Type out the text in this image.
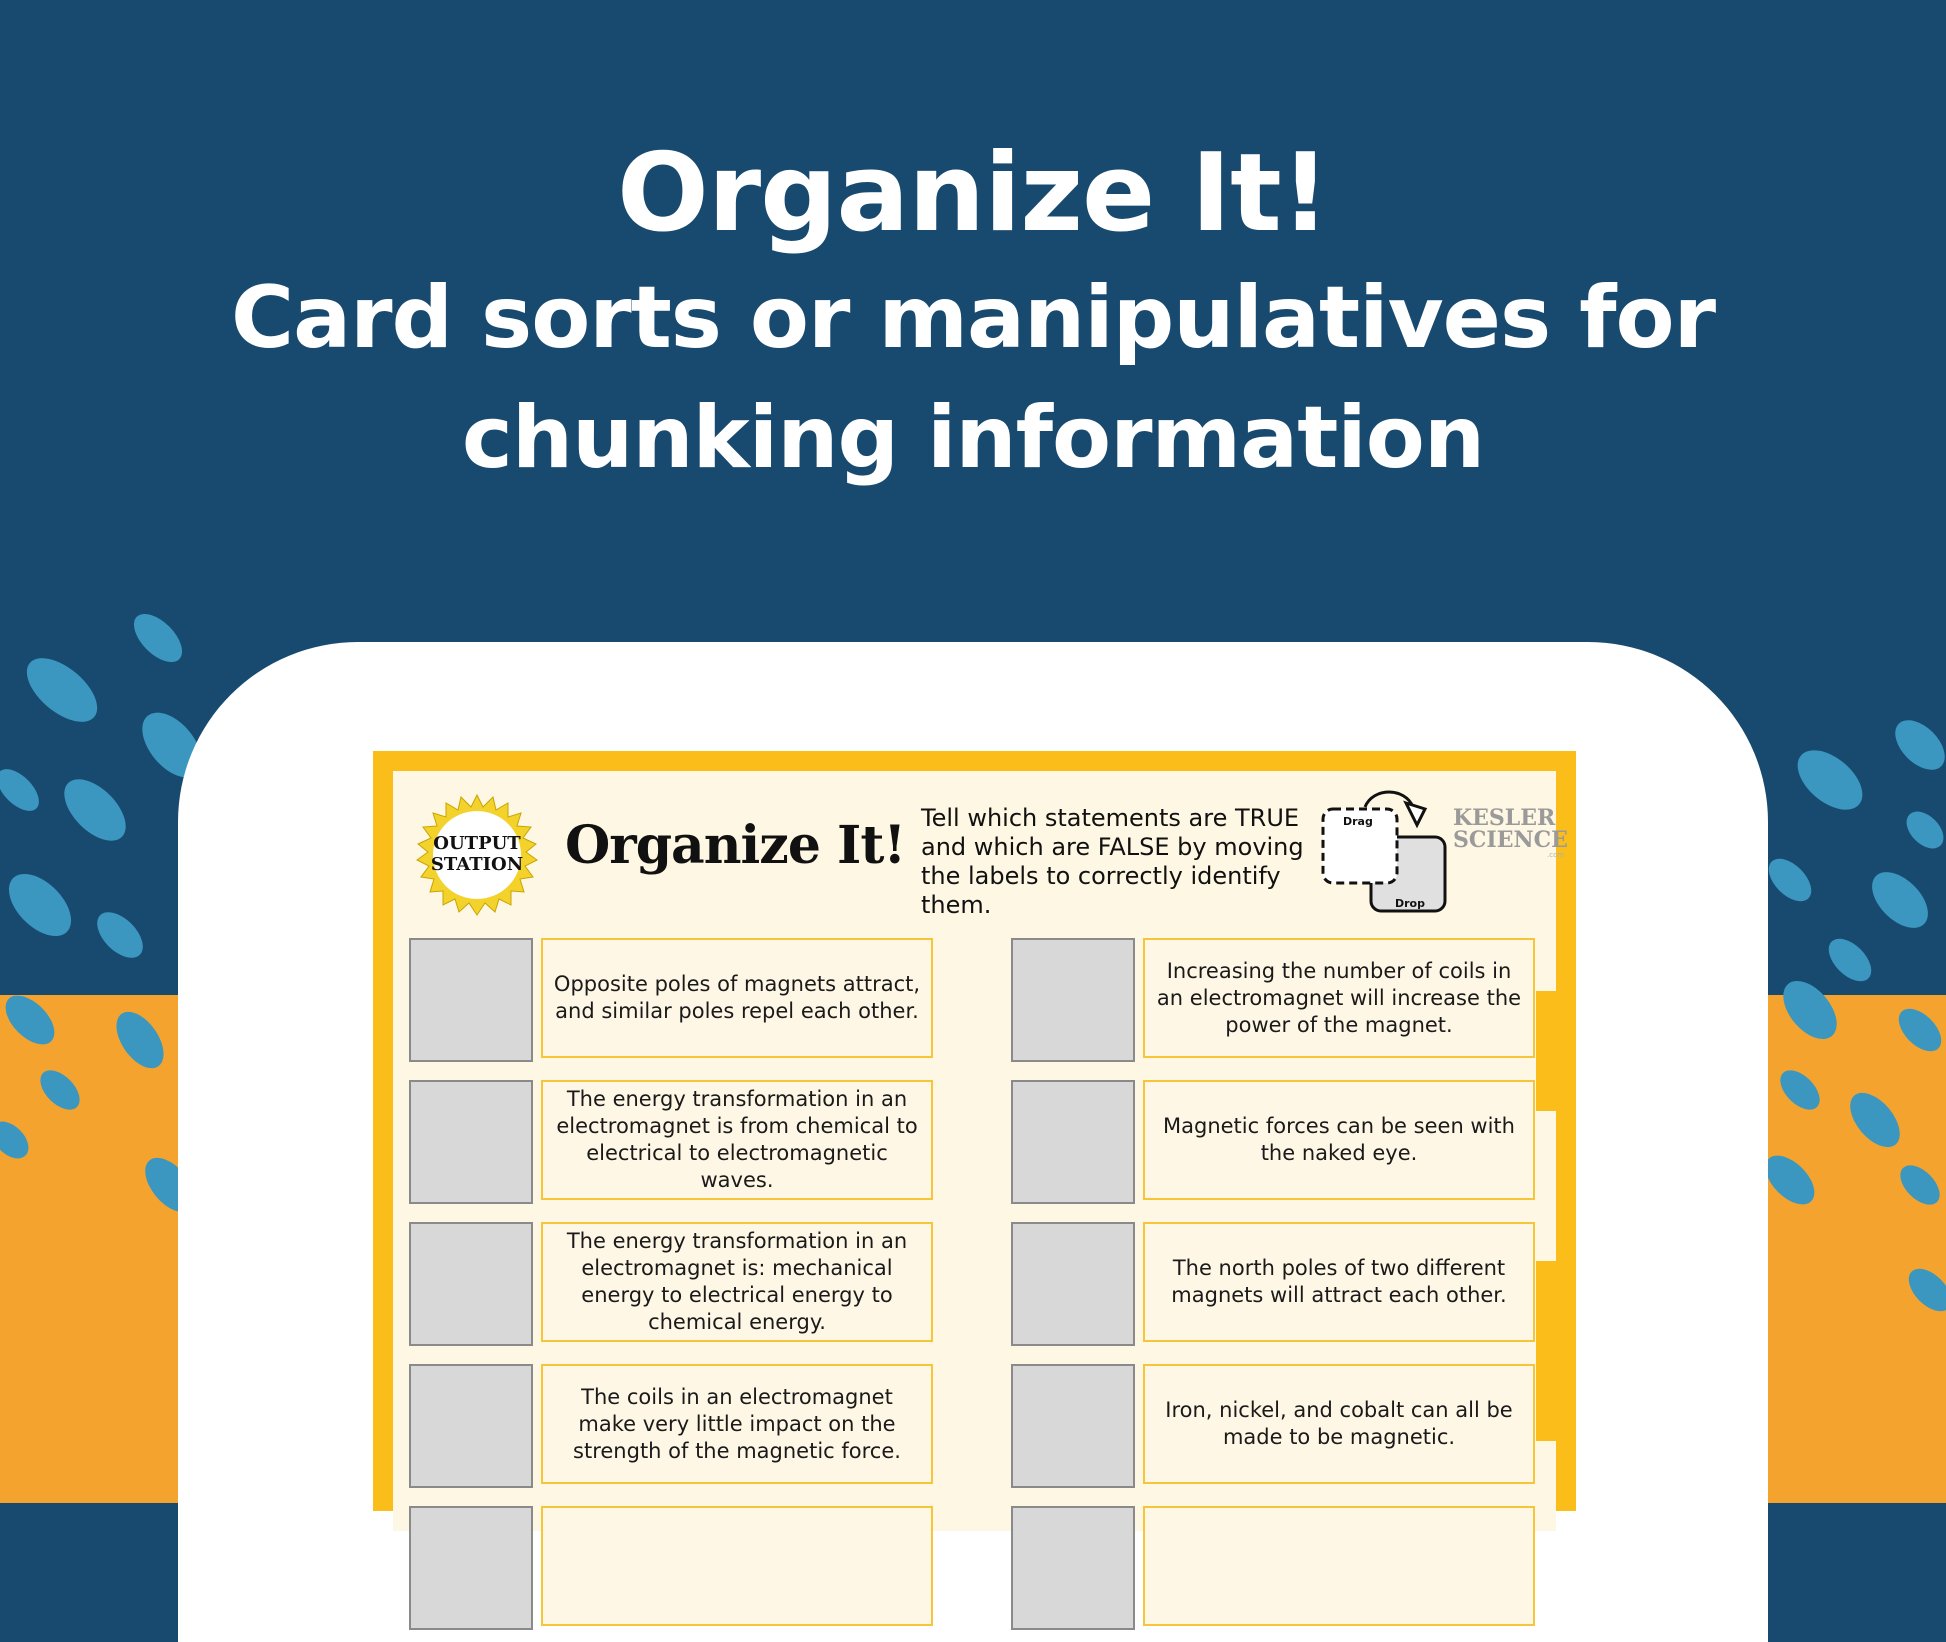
Organize It!
Card sorts or manipulatives for
chunking information
OUTPUT
STATION Organize It! Tell which statements are TRUE and which are FALSE by moving the labels to correctly identify them.
Drag
Drop
KESLER
SCIENCE
.com
Opposite poles of magnets attract, and similar poles repel each other.
The energy transformation in an electromagnet is from chemical to electrical to electromagnetic waves.
The energy transformation in an electromagnet is: mechanical energy to electrical energy to chemical energy.
The coils in an electromagnet make very little impact on the strength of the magnetic force.
Increasing the number of coils in an electromagnet will increase the power of the magnet.
Magnetic forces can be seen with the naked eye.
The north poles of two different magnets will attract each other.
Iron, nickel, and cobalt can all be made to be magnetic.
